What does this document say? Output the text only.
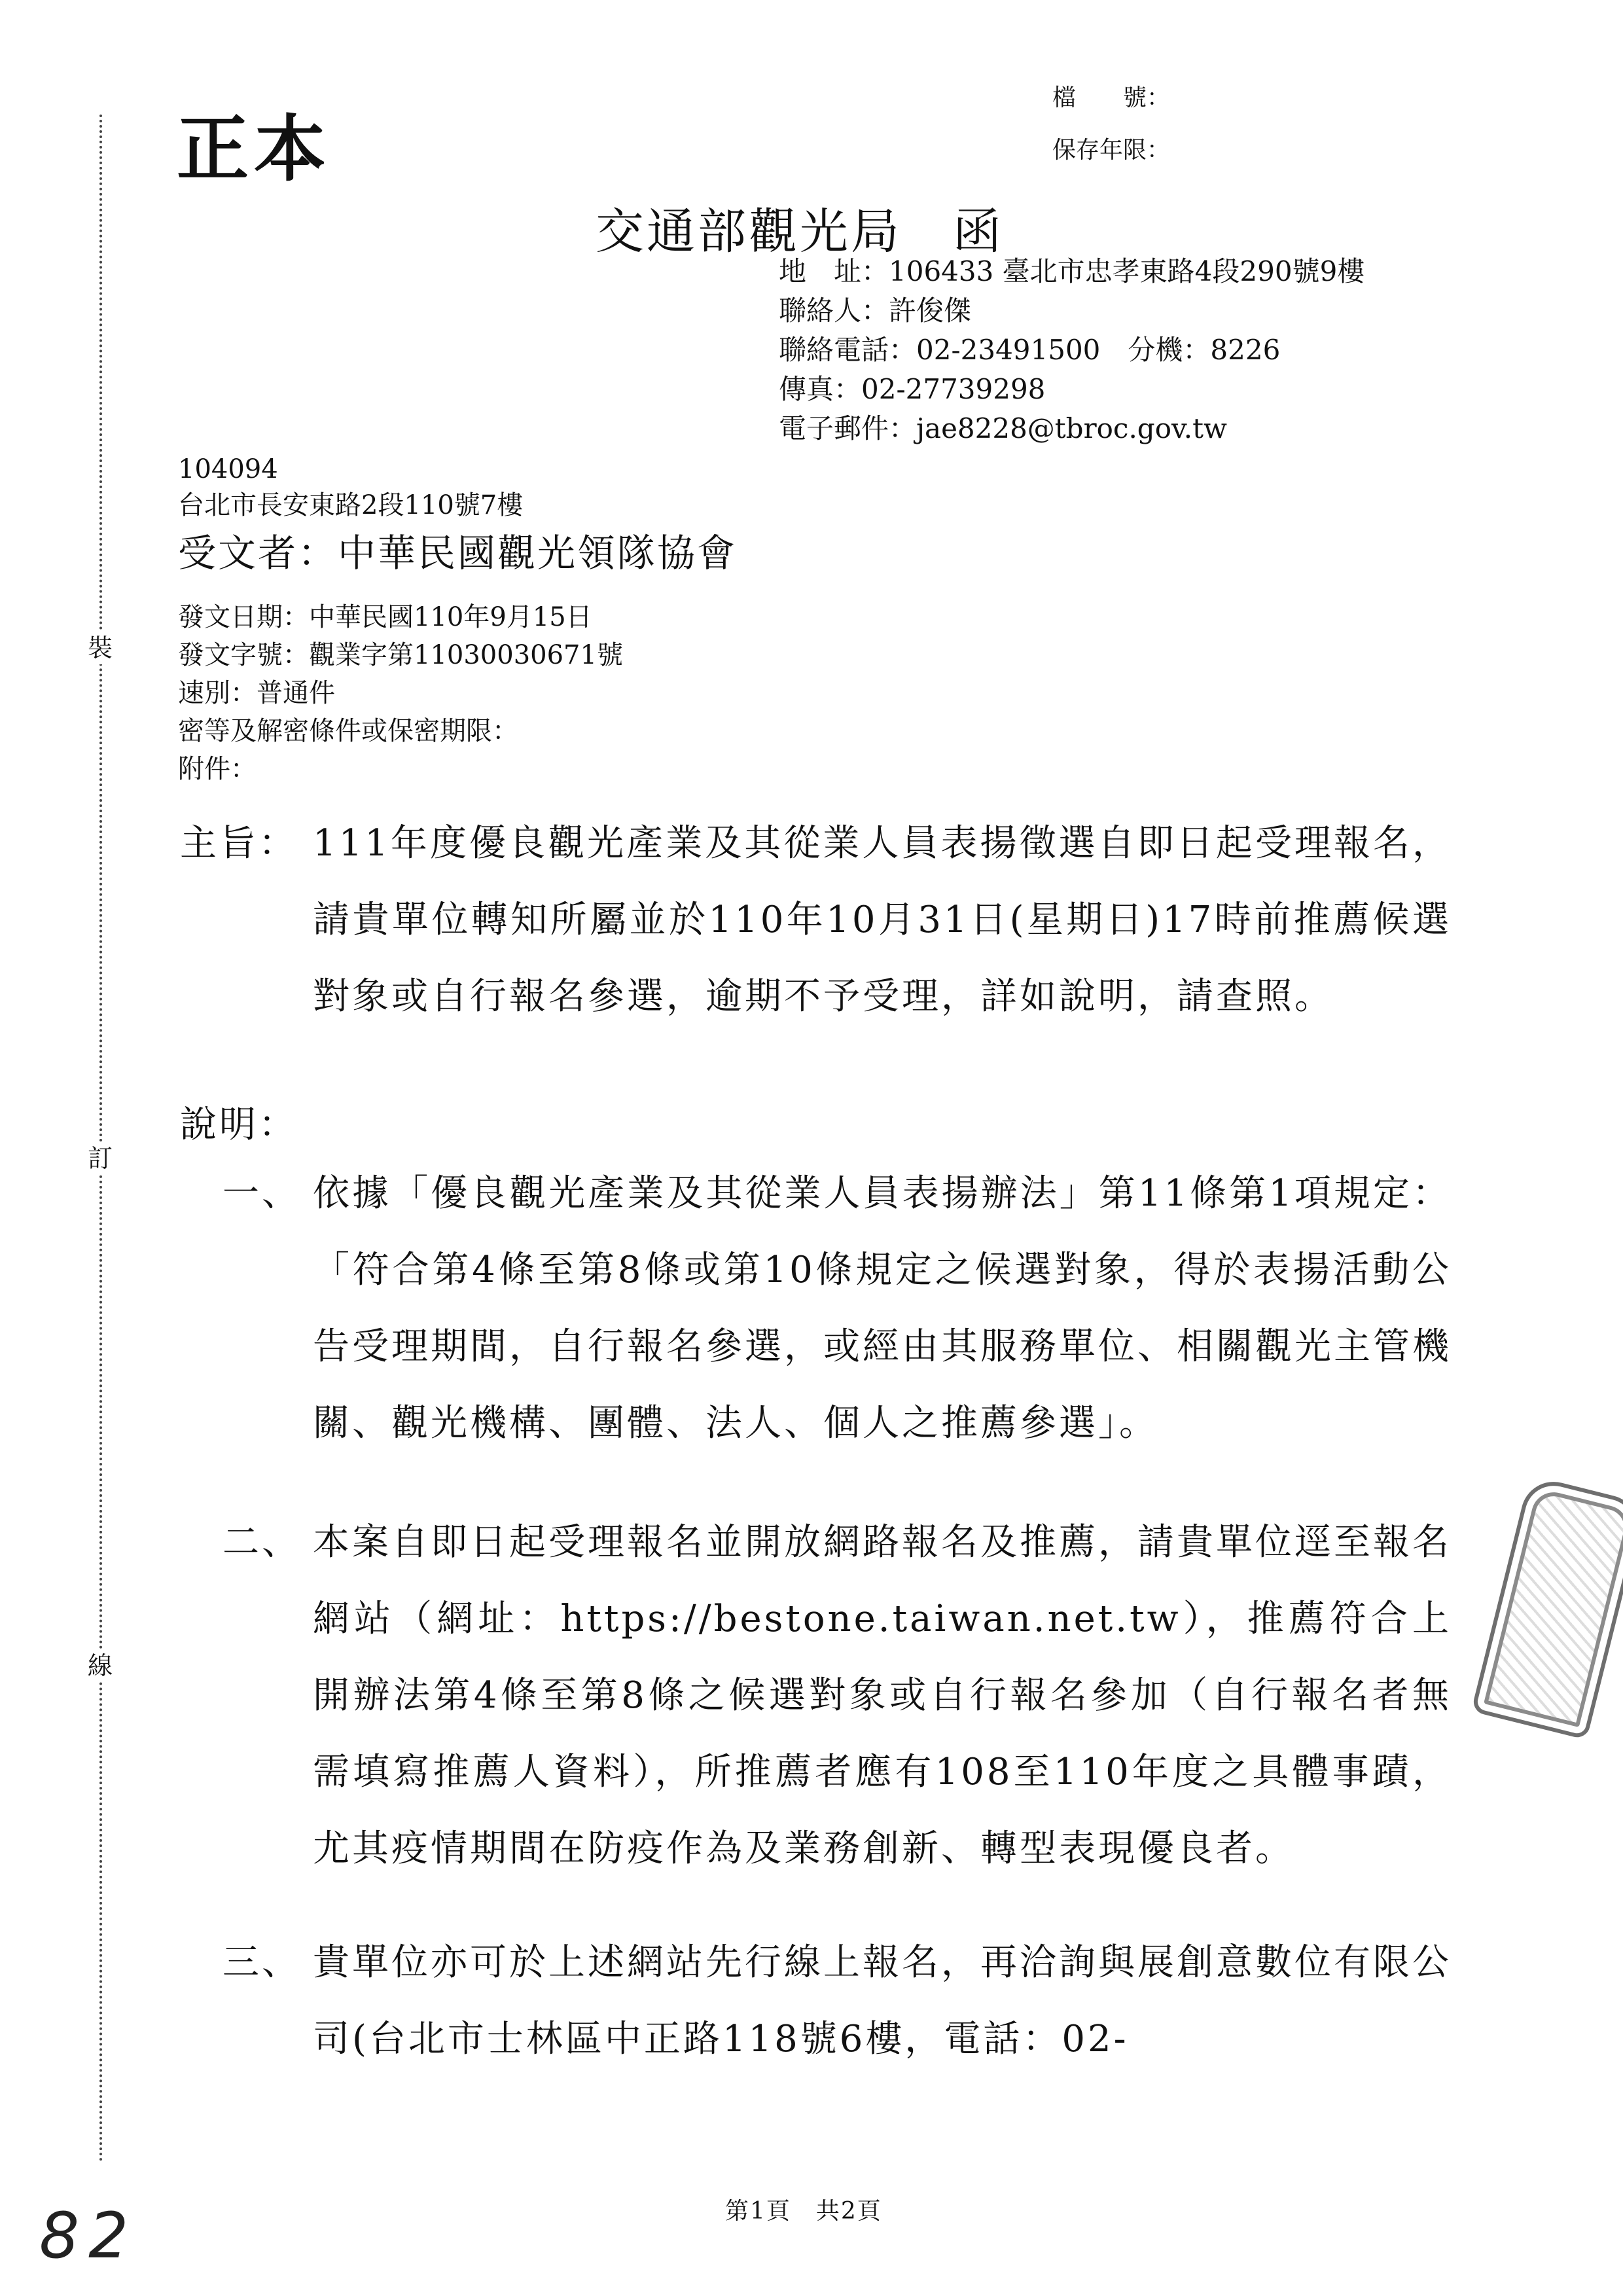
裝
訂
線
正本
檔　　號：
保存年限：
交通部觀光局　函
地　址：106433 臺北市忠孝東路4段290號9樓
聯絡人：許俊傑
聯絡電話：02-23491500　分機：8226
傳真：02-27739298
電子郵件：jae8228@tbroc.gov.tw
104094
台北市長安東路2段110號7樓
受文者：中華民國觀光領隊協會
發文日期：中華民國110年9月15日
發文字號：觀業字第11030030671號
速別：普通件
密等及解密條件或保密期限：
附件：
主旨： 111年度優良觀光產業及其從業人員表揚徵選自即日起受理報名，請貴單位轉知所屬並於110年10月31日(星期日)17時前推薦候選對象或自行報名參選，逾期不予受理，詳如說明，請查照。
說明：
一、 依據「優良觀光產業及其從業人員表揚辦法」第11條第1項規定：「符合第4條至第8條或第10條規定之候選對象，得於表揚活動公告受理期間，自行報名參選，或經由其服務單位、相關觀光主管機關、觀光機構、團體、法人、個人之推薦參選」。
二、 本案自即日起受理報名並開放網路報名及推薦，請貴單位逕至報名網站（網址：https://bestone.taiwan.net.tw），推薦符合上開辦法第4條至第8條之候選對象或自行報名參加（自行報名者無需填寫推薦人資料），所推薦者應有108至110年度之具體事蹟，尤其疫情期間在防疫作為及業務創新、轉型表現優良者。
三、 貴單位亦可於上述網站先行線上報名，再洽詢與展創意數位有限公司(台北市士林區中正路118號6樓，電話：02-
82	第1頁　共2頁
